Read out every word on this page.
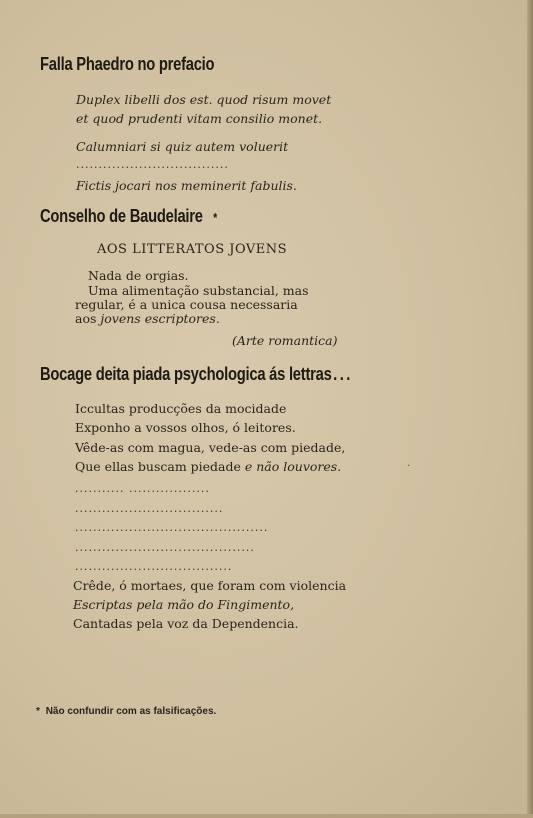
Falla Phaedro no prefacio
Duplex libelli dos est. quod risum movet
et quod prudenti vitam consilio monet.
Calumniari si quiz autem voluerit
..................................
Fictis jocari nos meminerit fabulis.
Conselho de Baudelaire *
AOS LITTERATOS JOVENS
Nada de orgias.
Uma alimentação substancial, mas
regular, é a unica cousa necessaria
aos jovens escriptores.
(Arte romantica)
Bocage deita piada psychologica ás lettras...
Iccultas producções da mocidade
Exponho a vossos olhos, ó leitores.
Vêde-as com magua, vede-as com piedade,
Que ellas buscam piedade e não louvores.	·
........... ..................
.................................
...........................................
........................................
...................................
Crêde, ó mortaes, que foram com violencia
Escriptas pela mão do Fingimento,
Cantadas pela voz da Dependencia.
* Não confundir com as falsificações.
